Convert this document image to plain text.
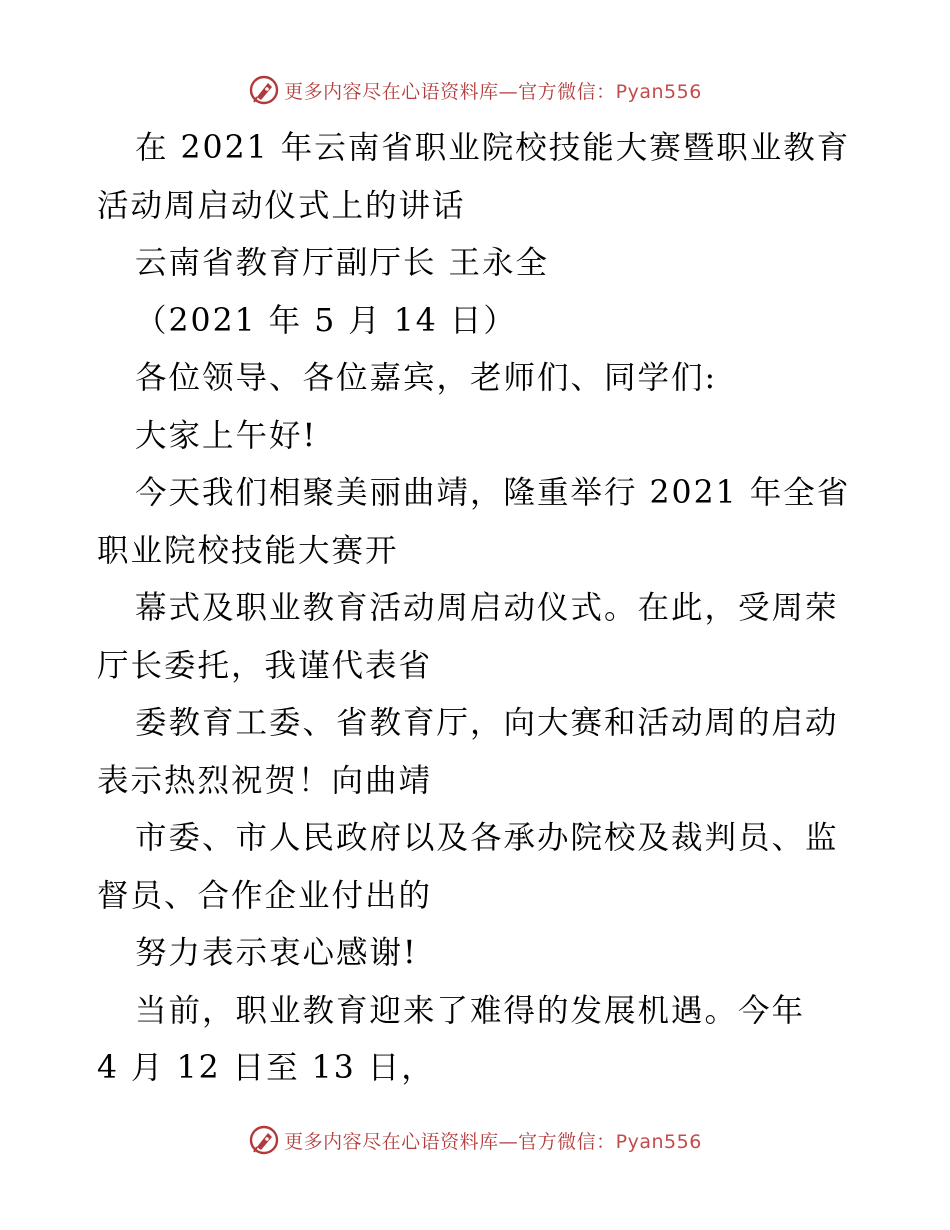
更多内容尽在心语资料库—官方微信：Pyan556
在 2021 年云南省职业院校技能大赛暨职业教育
活动周启动仪式上的讲话
云南省教育厅副厅长 王永全
（2021 年 5 月 14 日）
各位领导、各位嘉宾，老师们、同学们:
大家上午好!
今天我们相聚美丽曲靖，隆重举行 2021 年全省
职业院校技能大赛开
幕式及职业教育活动周启动仪式。在此，受周荣
厅长委托，我谨代表省
委教育工委、省教育厅，向大赛和活动周的启动
表示热烈祝贺！向曲靖
市委、市人民政府以及各承办院校及裁判员、监
督员、合作企业付出的
努力表示衷心感谢!
当前，职业教育迎来了难得的发展机遇。今年
4 月 12 日至 13 日，
更多内容尽在心语资料库—官方微信：Pyan556
